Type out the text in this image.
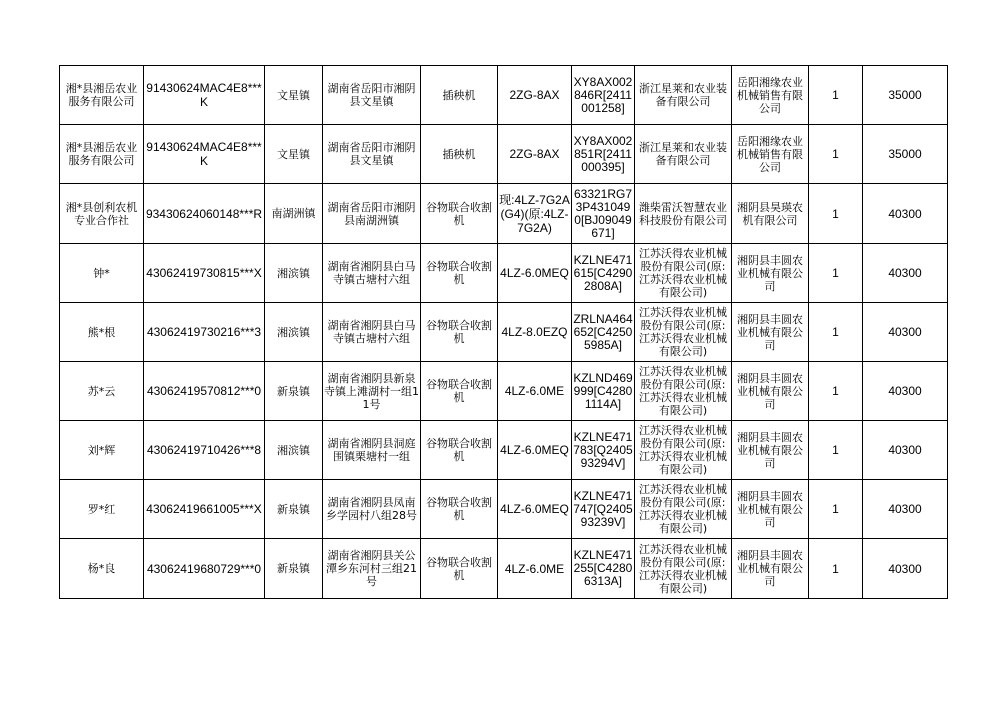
湘*县湘岳农业服务有限公司	91430624MAC4E8***K	文星镇	湖南省岳阳市湘阴县文星镇	插秧机	2ZG-8AX	XY8AX002846R[2411001258]	浙江星莱和农业装备有限公司	岳阳湘缘农业机械销售有限公司	1	35000
湘*县湘岳农业服务有限公司	91430624MAC4E8***K	文星镇	湖南省岳阳市湘阴县文星镇	插秧机	2ZG-8AX	XY8AX002851R[2411000395]	浙江星莱和农业装备有限公司	岳阳湘缘农业机械销售有限公司	1	35000
湘*县创利农机专业合作社	93430624060148***R	南湖洲镇	湖南省岳阳市湘阴县南湖洲镇	谷物联合收割机	现:4LZ-7G2A(G4)(原:4LZ-7G2A)	63321RG73P4310490[BJ09049671]	潍柴雷沃智慧农业科技股份有限公司	湘阴县昊瑛农机有限公司	1	40300
钟*	43062419730815***X	湘滨镇	湖南省湘阴县白马寺镇古塘村六组	谷物联合收割机	4LZ-6.0MEQ	KZLNE471615[C42902808A]	江苏沃得农业机械股份有限公司(原:江苏沃得农业机械有限公司)	湘阴县丰圆农业机械有限公司	1	40300
熊*根	43062419730216***3	湘滨镇	湖南省湘阴县白马寺镇古塘村六组	谷物联合收割机	4LZ-8.0EZQ	ZRLNA464652[C42505985A]	江苏沃得农业机械股份有限公司(原:江苏沃得农业机械有限公司)	湘阴县丰圆农业机械有限公司	1	40300
苏*云	43062419570812***0	新泉镇	湖南省湘阴县新泉寺镇上滩湖村一组11号	谷物联合收割机	4LZ-6.0ME	KZLND469999[C42801114A]	江苏沃得农业机械股份有限公司(原:江苏沃得农业机械有限公司)	湘阴县丰圆农业机械有限公司	1	40300
刘*辉	43062419710426***8	湘滨镇	湖南省湘阴县洞庭围镇栗塘村一组	谷物联合收割机	4LZ-6.0MEQ	KZLNE471783[Q240593294V]	江苏沃得农业机械股份有限公司(原:江苏沃得农业机械有限公司)	湘阴县丰圆农业机械有限公司	1	40300
罗*红	43062419661005***X	新泉镇	湖南省湘阴县凤南乡学园村八组28号	谷物联合收割机	4LZ-6.0MEQ	KZLNE471747[Q240593239V]	江苏沃得农业机械股份有限公司(原:江苏沃得农业机械有限公司)	湘阴县丰圆农业机械有限公司	1	40300
杨*良	43062419680729***0	新泉镇	湖南省湘阴县关公潭乡东河村三组21号	谷物联合收割机	4LZ-6.0ME	KZLNE471255[C42806313A]	江苏沃得农业机械股份有限公司(原:江苏沃得农业机械有限公司)	湘阴县丰圆农业机械有限公司	1	40300
